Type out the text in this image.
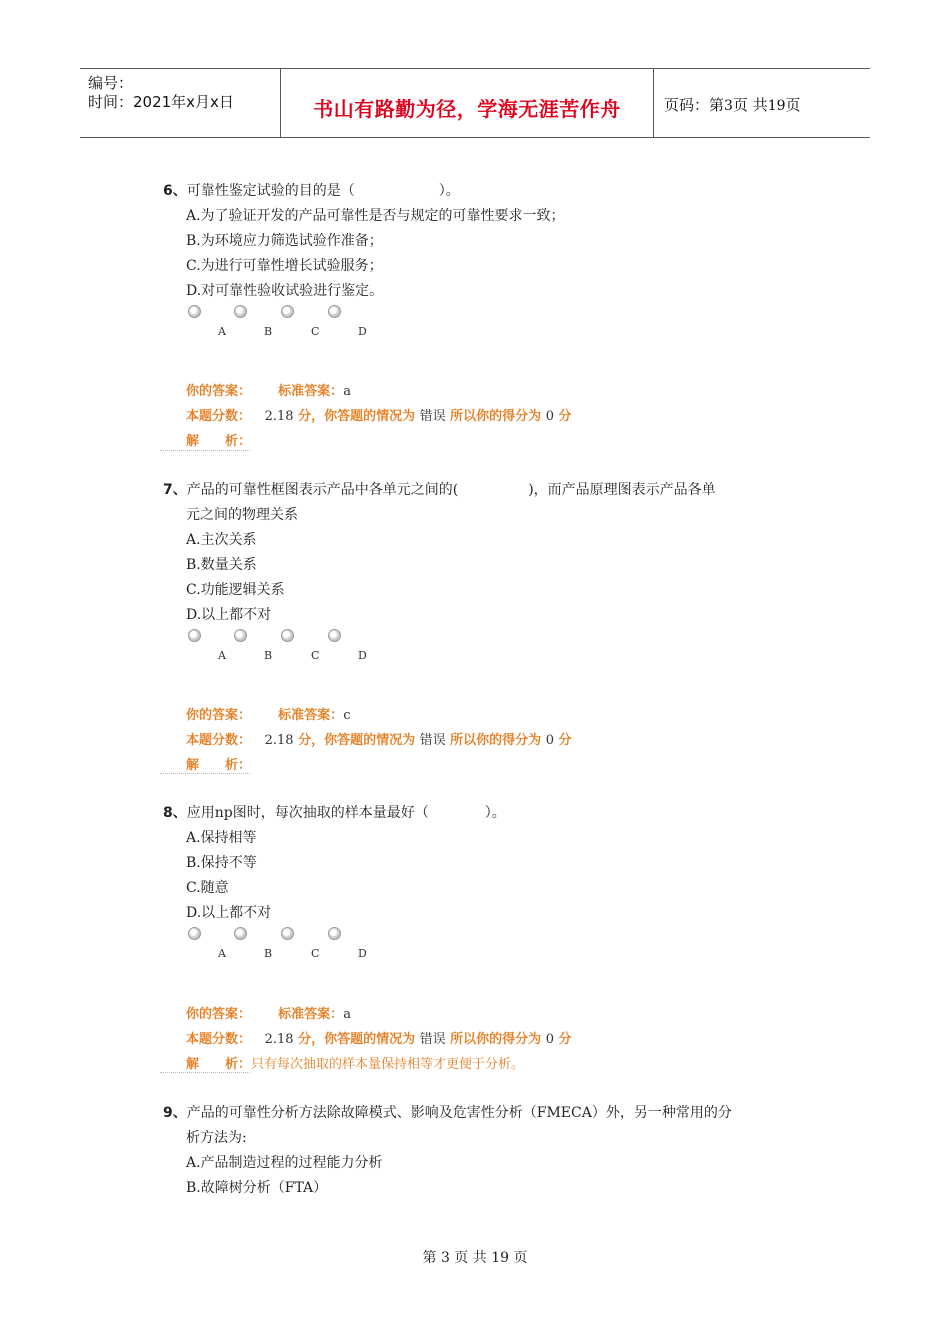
编号：
时间：2021年x月x日	书山有路勤为径，学海无涯苦作舟	页码：第3页 共19页
6、可靠性鉴定试验的目的是（　　　　　　）。
A.为了验证开发的产品可靠性是否与规定的可靠性要求一致；
B.为环境应力筛选试验作准备；
C.为进行可靠性增长试验服务；
D.对可靠性验收试验进行鉴定。
A	B	C	D
你的答案： 标准答案：a
本题分数： 2.18 分，你答题的情况为 错误 所以你的得分为 0 分
解　　析：
7、产品的可靠性框图表示产品中各单元之间的(　　　　　)，而产品原理图表示产品各单
元之间的物理关系
A.主次关系
B.数量关系
C.功能逻辑关系
D.以上都不对
A	B	C	D
你的答案： 标准答案：c
本题分数： 2.18 分，你答题的情况为 错误 所以你的得分为 0 分
解　　析：
8、应用np图时，每次抽取的样本量最好（　　　　）。
A.保持相等
B.保持不等
C.随意
D.以上都不对
A	B	C	D
你的答案： 标准答案：a
本题分数： 2.18 分，你答题的情况为 错误 所以你的得分为 0 分
解　　析：只有每次抽取的样本量保持相等才更便于分析。
9、产品的可靠性分析方法除故障模式、影响及危害性分析（FMECA）外，另一种常用的分
析方法为:
A.产品制造过程的过程能力分析
B.故障树分析（FTA）
第 3 页 共 19 页
